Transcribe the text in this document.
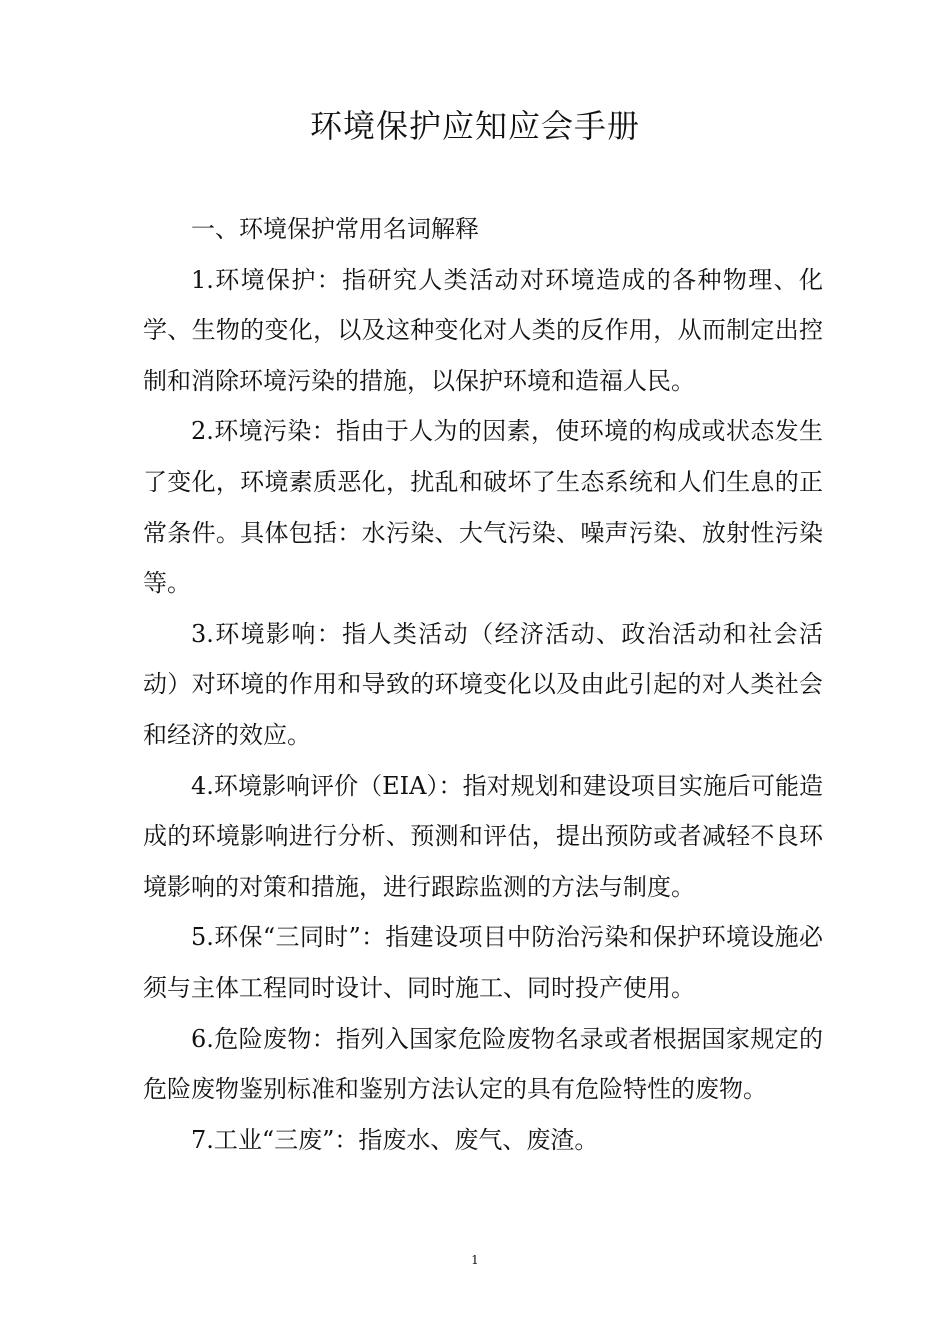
环境保护应知应会手册

一、环境保护常用名词解释

1.环境保护：指研究人类活动对环境造成的各种物理、化学、生物的变化，以及这种变化对人类的反作用，从而制定出控制和消除环境污染的措施，以保护环境和造福人民。

2.环境污染：指由于人为的因素，使环境的构成或状态发生了变化，环境素质恶化，扰乱和破坏了生态系统和人们生息的正常条件。具体包括：水污染、大气污染、噪声污染、放射性污染等。

3.环境影响：指人类活动（经济活动、政治活动和社会活动）对环境的作用和导致的环境变化以及由此引起的对人类社会和经济的效应。

4.环境影响评价（EIA）：指对规划和建设项目实施后可能造成的环境影响进行分析、预测和评估，提出预防或者减轻不良环境影响的对策和措施，进行跟踪监测的方法与制度。

5.环保“三同时”：指建设项目中防治污染和保护环境设施必须与主体工程同时设计、同时施工、同时投产使用。

6.危险废物：指列入国家危险废物名录或者根据国家规定的危险废物鉴别标准和鉴别方法认定的具有危险特性的废物。

7.工业“三废”：指废水、废气、废渣。

1
